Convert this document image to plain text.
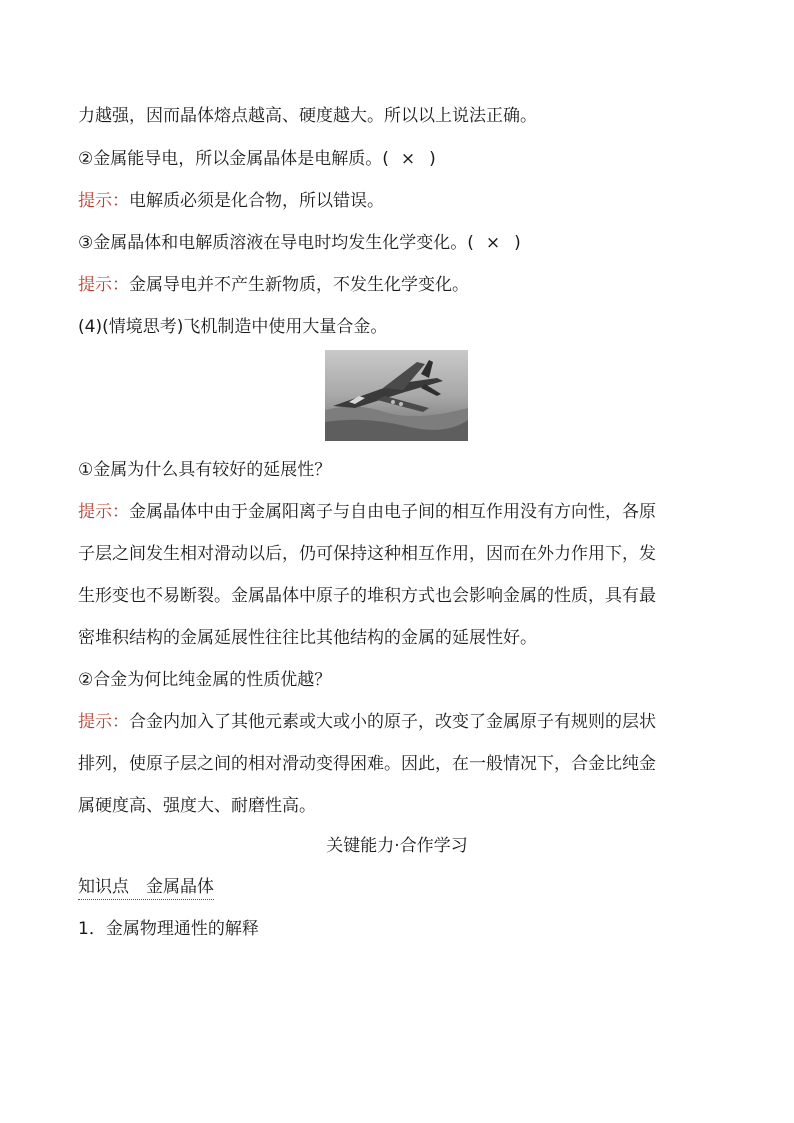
力越强，因而晶体熔点越高、硬度越大。所以以上说法正确。
②金属能导电，所以金属晶体是电解质。( × )
提示：电解质必须是化合物，所以错误。
③金属晶体和电解质溶液在导电时均发生化学变化。( × )
提示：金属导电并不产生新物质，不发生化学变化。
(4)(情境思考)飞机制造中使用大量合金。
①金属为什么具有较好的延展性？
提示：金属晶体中由于金属阳离子与自由电子间的相互作用没有方向性，各原
子层之间发生相对滑动以后，仍可保持这种相互作用，因而在外力作用下，发
生形变也不易断裂。金属晶体中原子的堆积方式也会影响金属的性质，具有最
密堆积结构的金属延展性往往比其他结构的金属的延展性好。
②合金为何比纯金属的性质优越？
提示：合金内加入了其他元素或大或小的原子，改变了金属原子有规则的层状
排列，使原子层之间的相对滑动变得困难。因此，在一般情况下，合金比纯金
属硬度高、强度大、耐磨性高。
关键能力·合作学习
知识点　金属晶体
1．金属物理通性的解释
